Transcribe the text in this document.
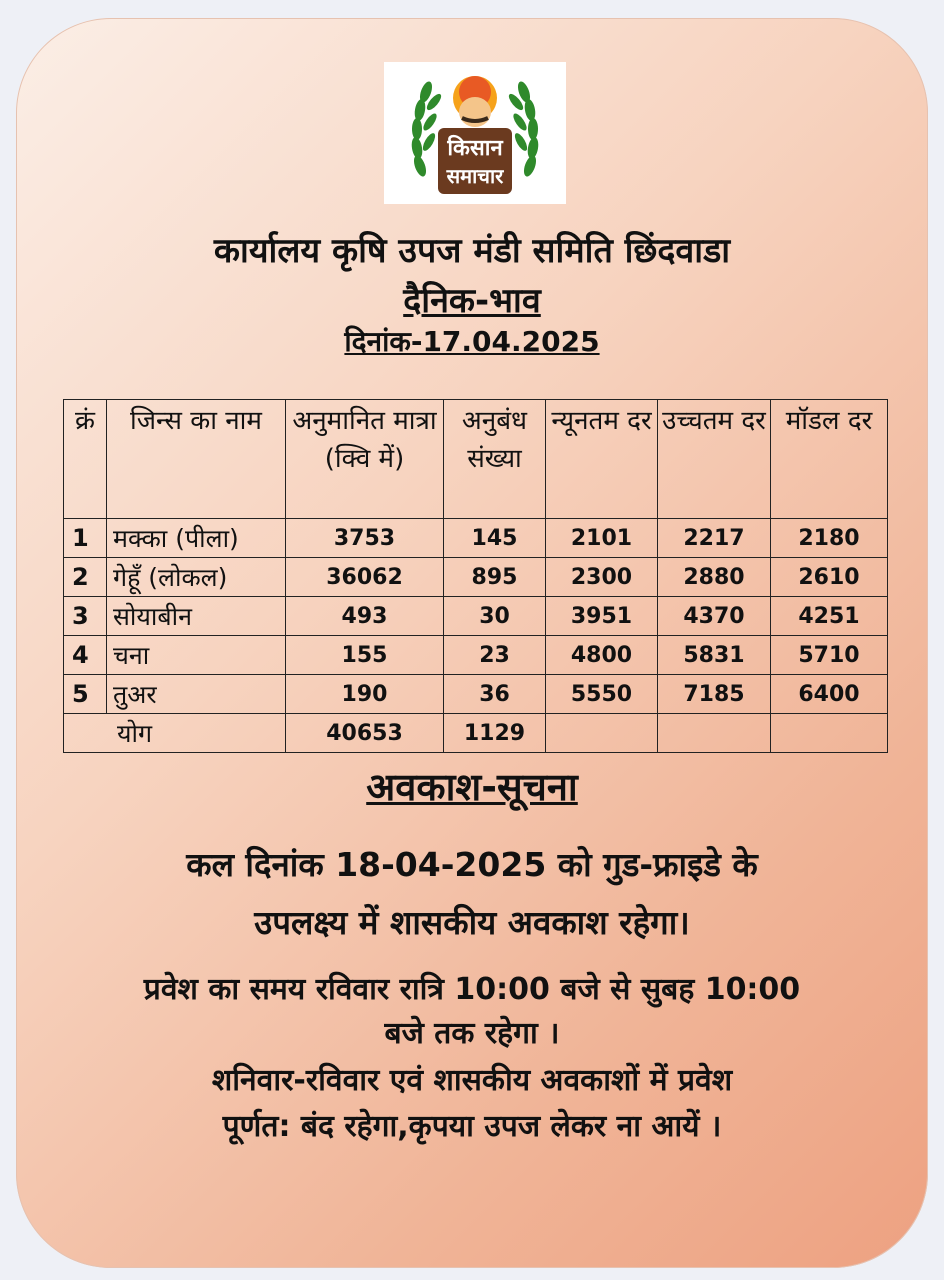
किसान
समाचार
कार्यालय कृषि उपज मंडी समिति छिंदवाडा
दैनिक-भाव
दिनांक-17.04.2025
क्रं	जिन्स का नाम	अनुमानित मात्रा (क्वि में)	अनुबंध संख्या	न्यूनतम दर	उच्चतम दर	मॉडल दर
1	मक्का (पीला)	3753	145	2101	2217	2180
2	गेहूँ (लोकल)	36062	895	2300	2880	2610
3	सोयाबीन	493	30	3951	4370	4251
4	चना	155	23	4800	5831	5710
5	तुअर	190	36	5550	7185	6400
योग		40653	1129			
अवकाश-सूचना
कल दिनांक 18-04-2025 को गुड-फ्राइडे के
उपलक्ष्य में शासकीय अवकाश रहेगा।
प्रवेश का समय रविवार रात्रि 10:00 बजे से सुबह 10:00
बजे तक रहेगा ।
शनिवार-रविवार एवं शासकीय अवकाशों में प्रवेश
पूर्णत: बंद रहेगा,कृपया उपज लेकर ना आयें ।
